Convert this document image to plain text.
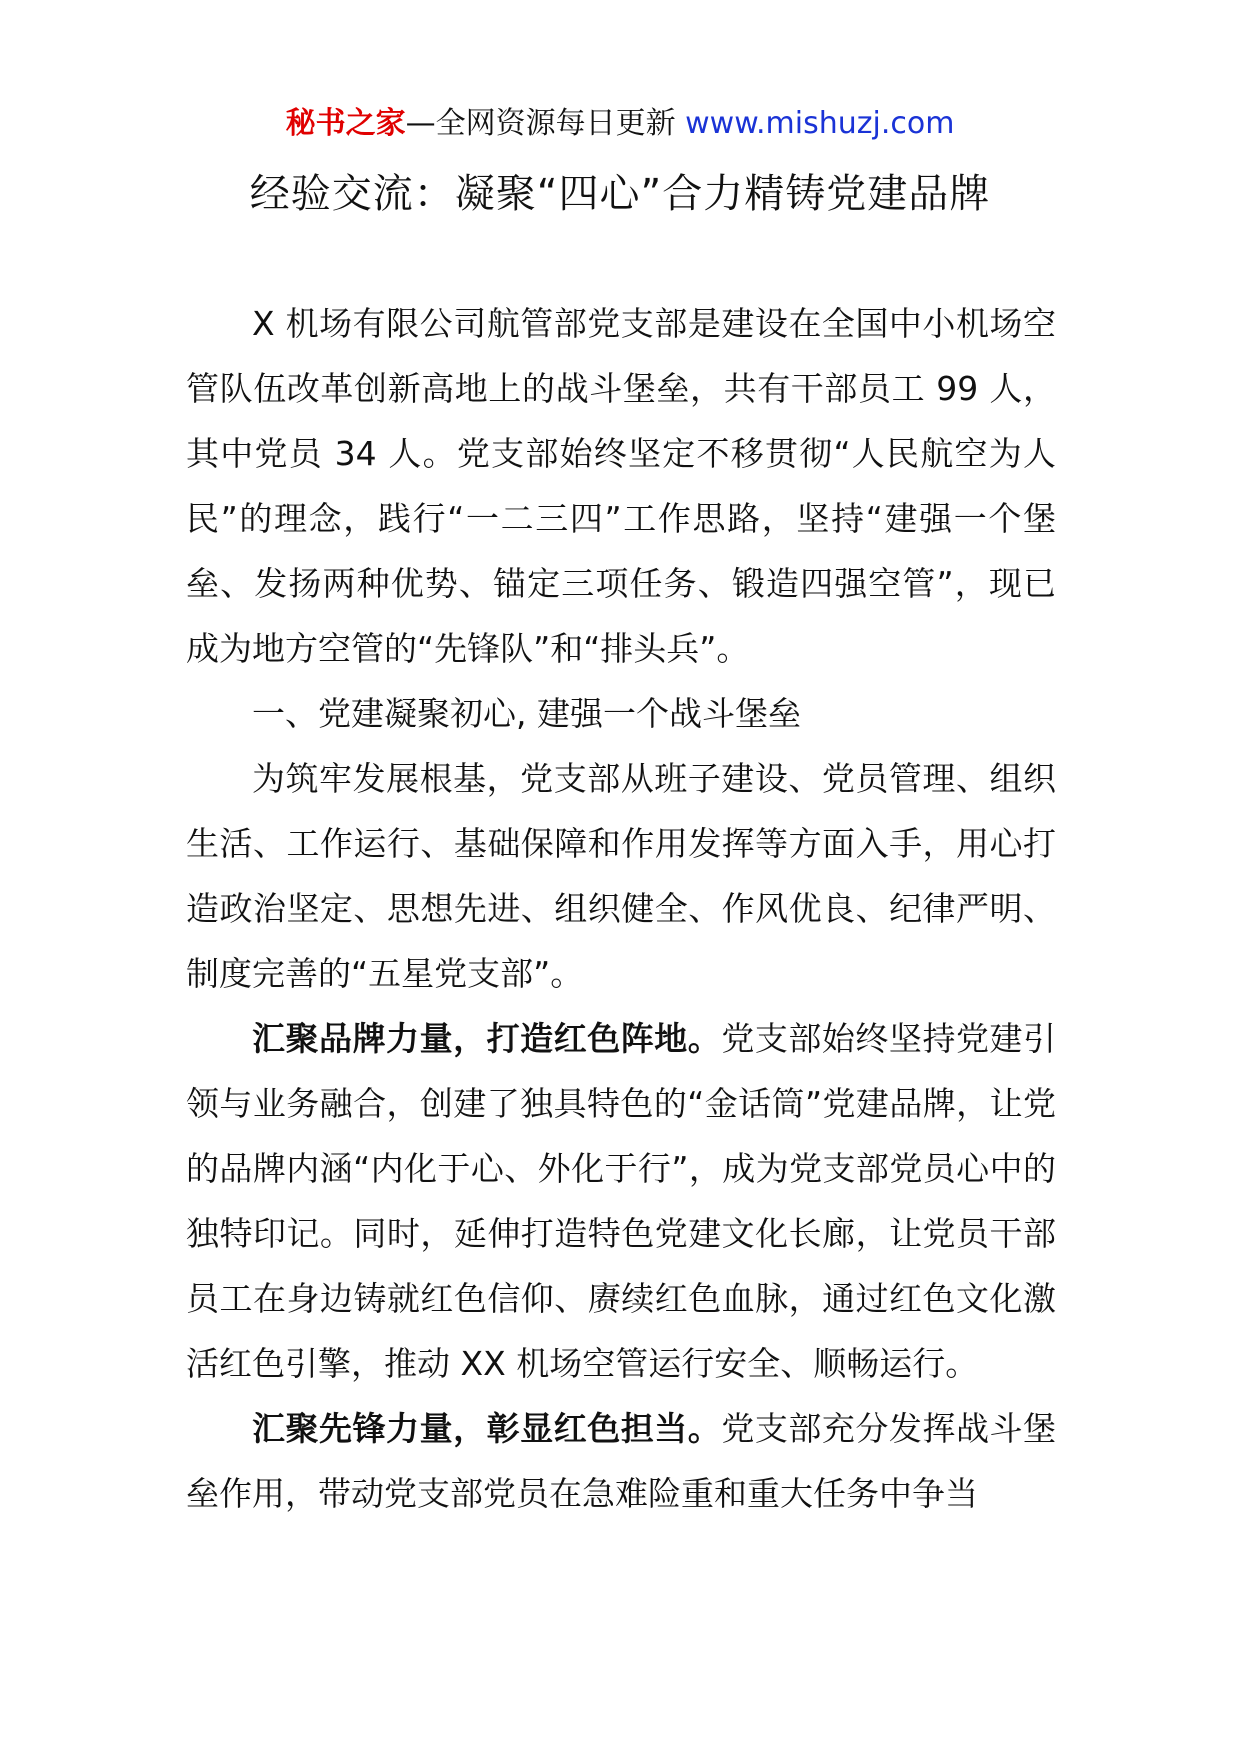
秘书之家—全网资源每日更新 www.mishuzj.com
经验交流：凝聚“四心”合力精铸党建品牌

X 机场有限公司航管部党支部是建设在全国中小机场空管队伍改革创新高地上的战斗堡垒，共有干部员工 99 人，其中党员 34 人。党支部始终坚定不移贯彻“人民航空为人民”的理念，践行“一二三四”工作思路，坚持“建强一个堡垒、发扬两种优势、锚定三项任务、锻造四强空管”，现已成为地方空管的“先锋队”和“排头兵”。

一、党建凝聚初心, 建强一个战斗堡垒

为筑牢发展根基，党支部从班子建设、党员管理、组织生活、工作运行、基础保障和作用发挥等方面入手，用心打造政治坚定、思想先进、组织健全、作风优良、纪律严明、制度完善的“五星党支部”。

汇聚品牌力量，打造红色阵地。党支部始终坚持党建引领与业务融合，创建了独具特色的“金话筒”党建品牌，让党的品牌内涵“内化于心、外化于行”，成为党支部党员心中的独特印记。同时，延伸打造特色党建文化长廊，让党员干部员工在身边铸就红色信仰、赓续红色血脉，通过红色文化激活红色引擎，推动 XX 机场空管运行安全、顺畅运行。

汇聚先锋力量，彰显红色担当。党支部充分发挥战斗堡垒作用，带动党支部党员在急难险重和重大任务中争当
